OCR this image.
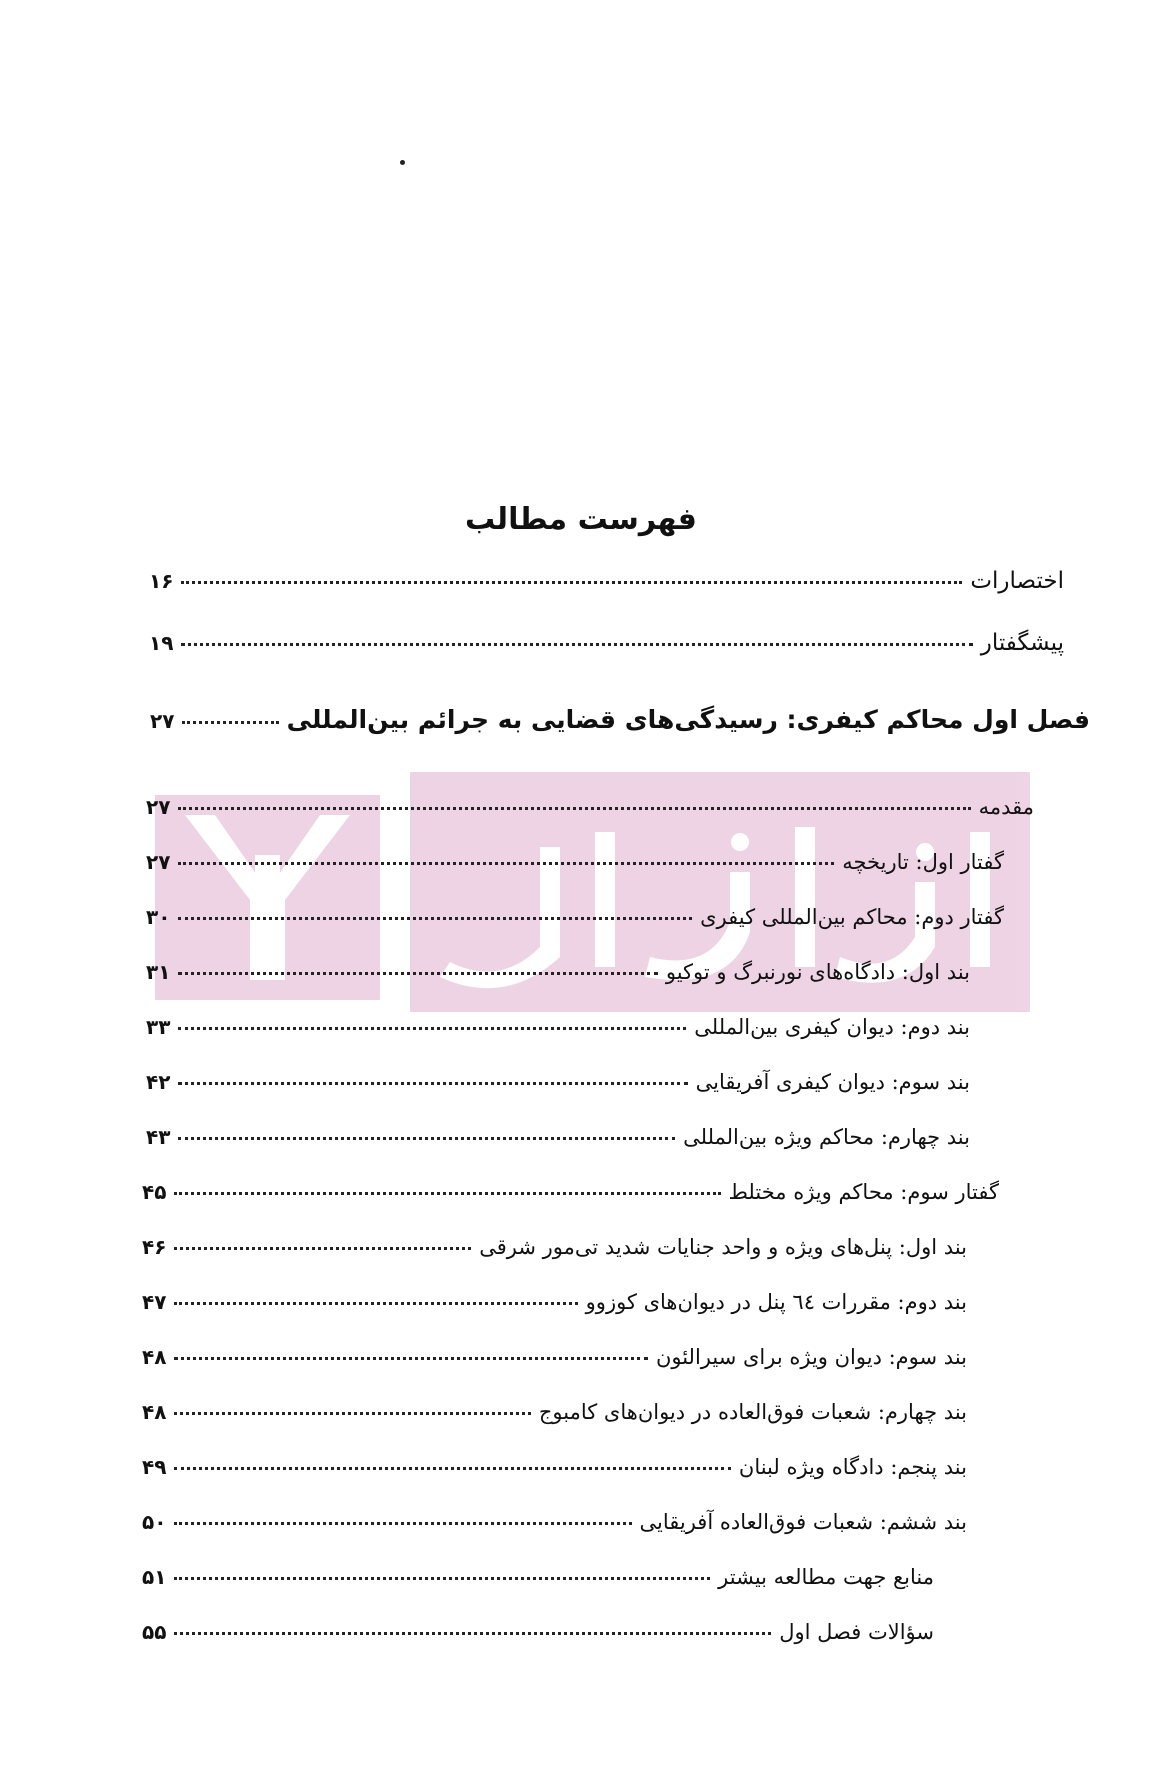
فهرست مطالب
اختصارات
۱۶
پیشگفتار
۱۹
فصل اول محاکم کیفری: رسیدگی‌های قضایی به جرائم بین‌المللی
۲۷
مقدمه
۲۷
گفتار اول: تاریخچه
۲۷
گفتار دوم: محاکم بین‌المللی کیفری
۳۰
بند اول: دادگاه‌های نورنبرگ و توکیو
۳۱
بند دوم: دیوان کیفری بین‌المللی
۳۳
بند سوم: دیوان کیفری آفریقایی
۴۲
بند چهارم: محاکم ویژه بین‌المللی
۴۳
گفتار سوم: محاکم ویژه مختلط
۴۵
بند اول: پنل‌های ویژه و واحد جنایات شدید تی‌مور شرقی
۴۶
بند دوم: مقررات ٦٤ پنل در دیوان‌های کوزوو
۴۷
بند سوم: دیوان ویژه برای سیرالئون
۴۸
بند چهارم: شعبات فوق‌العاده در دیوان‌های کامبوج
۴۸
بند پنجم: دادگاه ویژه لبنان
۴۹
بند ششم: شعبات فوق‌العاده آفریقایی
۵۰
منابع جهت مطالعه بیشتر
۵۱
سؤالات فصل اول
۵۵
